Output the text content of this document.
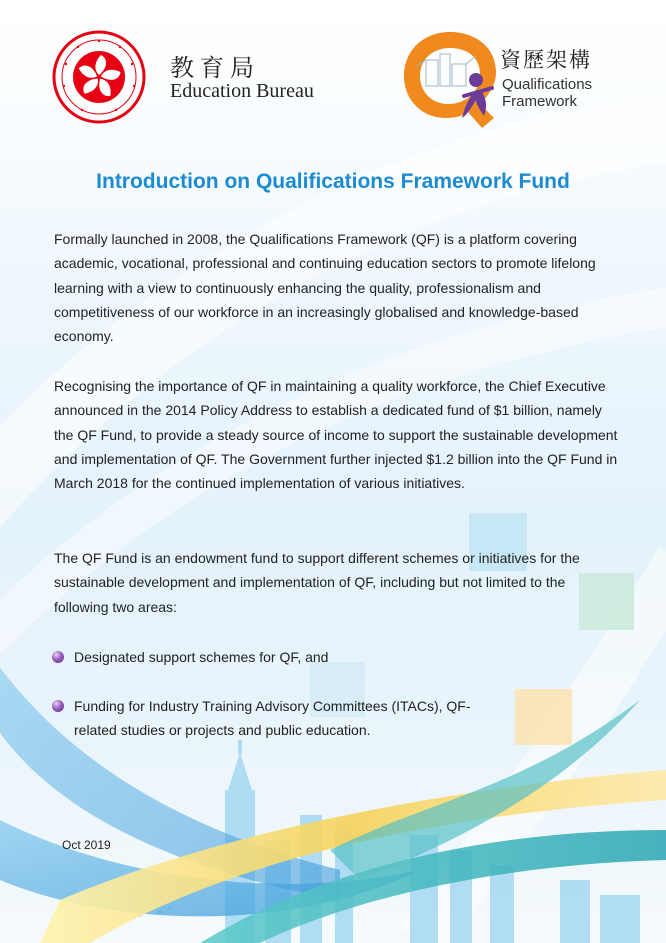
教育局
Education Bureau
資歷架構
Qualifications
Framework
Introduction on Qualifications Framework Fund

Formally launched in 2008, the Qualifications Framework (QF) is a platform covering academic, vocational, professional and continuing education sectors to promote lifelong learning with a view to continuously enhancing the quality, professionalism and competitiveness of our workforce in an increasingly globalised and knowledge-based economy.

Recognising the importance of QF in maintaining a quality workforce, the Chief Executive announced in the 2014 Policy Address to establish a dedicated fund of $1 billion, namely the QF Fund, to provide a steady source of income to support the sustainable development and implementation of QF. The Government further injected $1.2 billion into the QF Fund in March 2018 for the continued implementation of various initiatives.

The QF Fund is an endowment fund to support different schemes or initiatives for the sustainable development and implementation of QF, including but not limited to the following two areas:

Designated support schemes for QF, and
Funding for Industry Training Advisory Committees (ITACs), QF-related studies or projects and public education.
Oct 2019
